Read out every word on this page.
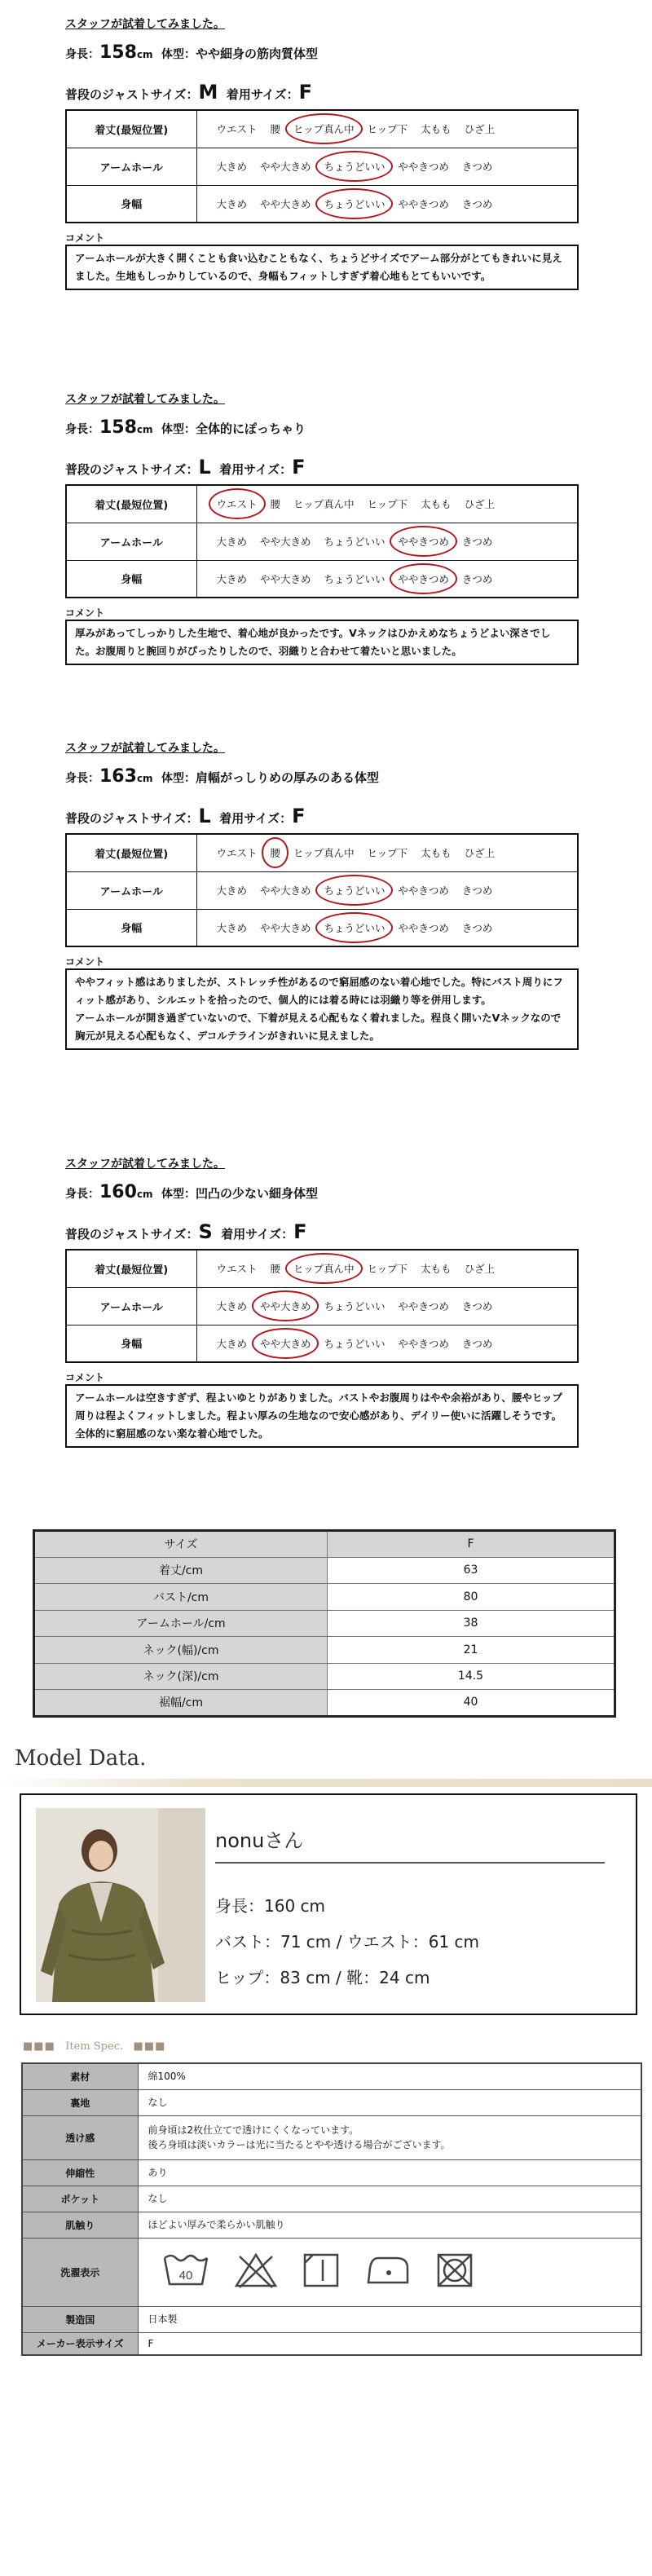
スタッフが試着してみました。
身長：158cm 体型：やや細身の筋肉質体型
普段のジャストサイズ：M 着用サイズ：F
着丈(最短位置)	ウエスト 腰 ヒップ真ん中 ヒップ下 太もも ひざ上
アームホール	大きめ やや大きめ ちょうどいい ややきつめ きつめ
身幅	大きめ やや大きめ ちょうどいい ややきつめ きつめ
コメント
アームホールが大きく開くことも食い込むこともなく、ちょうどサイズでアーム部分がとてもきれいに見えました。生地もしっかりしているので、身幅もフィットしすぎず着心地もとてもいいです。
スタッフが試着してみました。
身長：158cm 体型：全体的にぽっちゃり
普段のジャストサイズ：L 着用サイズ：F
着丈(最短位置)	ウエスト 腰 ヒップ真ん中 ヒップ下 太もも ひざ上
アームホール	大きめ やや大きめ ちょうどいい ややきつめ きつめ
身幅	大きめ やや大きめ ちょうどいい ややきつめ きつめ
コメント
厚みがあってしっかりした生地で、着心地が良かったです。Vネックはひかえめなちょうどよい深さでした。お腹周りと腕回りがぴったりしたので、羽織りと合わせて着たいと思いました。
スタッフが試着してみました。
身長：163cm 体型：肩幅がっしりめの厚みのある体型
普段のジャストサイズ：L 着用サイズ：F
着丈(最短位置)	ウエスト 腰 ヒップ真ん中 ヒップ下 太もも ひざ上
アームホール	大きめ やや大きめ ちょうどいい ややきつめ きつめ
身幅	大きめ やや大きめ ちょうどいい ややきつめ きつめ
コメント
ややフィット感はありましたが、ストレッチ性があるので窮屈感のない着心地でした。特にバスト周りにフィット感があり、シルエットを拾ったので、個人的には着る時には羽織り等を併用します。
アームホールが開き過ぎていないので、下着が見える心配もなく着れました。程良く開いたVネックなので胸元が見える心配もなく、デコルテラインがきれいに見えました。
スタッフが試着してみました。
身長：160cm 体型：凹凸の少ない細身体型
普段のジャストサイズ：S 着用サイズ：F
着丈(最短位置)	ウエスト 腰 ヒップ真ん中 ヒップ下 太もも ひざ上
アームホール	大きめ やや大きめ ちょうどいい ややきつめ きつめ
身幅	大きめ やや大きめ ちょうどいい ややきつめ きつめ
コメント
アームホールは空きすぎず、程よいゆとりがありました。バストやお腹周りはやや余裕があり、腰やヒップ周りは程よくフィットしました。程よい厚みの生地なので安心感があり、デイリー使いに活躍しそうです。全体的に窮屈感のない楽な着心地でした。
サイズ	F
着丈/cm	63
バスト/cm	80
アームホール/cm	38
ネック(幅)/cm	21
ネック(深)/cm	14.5
裾幅/cm	40
Model Data.
nonuさん
身長：160 cm
バスト：71 cm / ウエスト：61 cm
ヒップ：83 cm / 靴：24 cm
■■■ Item Spec. ■■■
素材	綿100%
裏地	なし
透け感	前身頃は2枚仕立てで透けにくくなっています。
後ろ身頃は淡いカラーは光に当たるとやや透ける場合がございます。
伸縮性	あり
ポケット	なし
肌触り	ほどよい厚みで柔らかい肌触り
洗濯表示	40

製造国	日本製
メーカー表示サイズ	F
